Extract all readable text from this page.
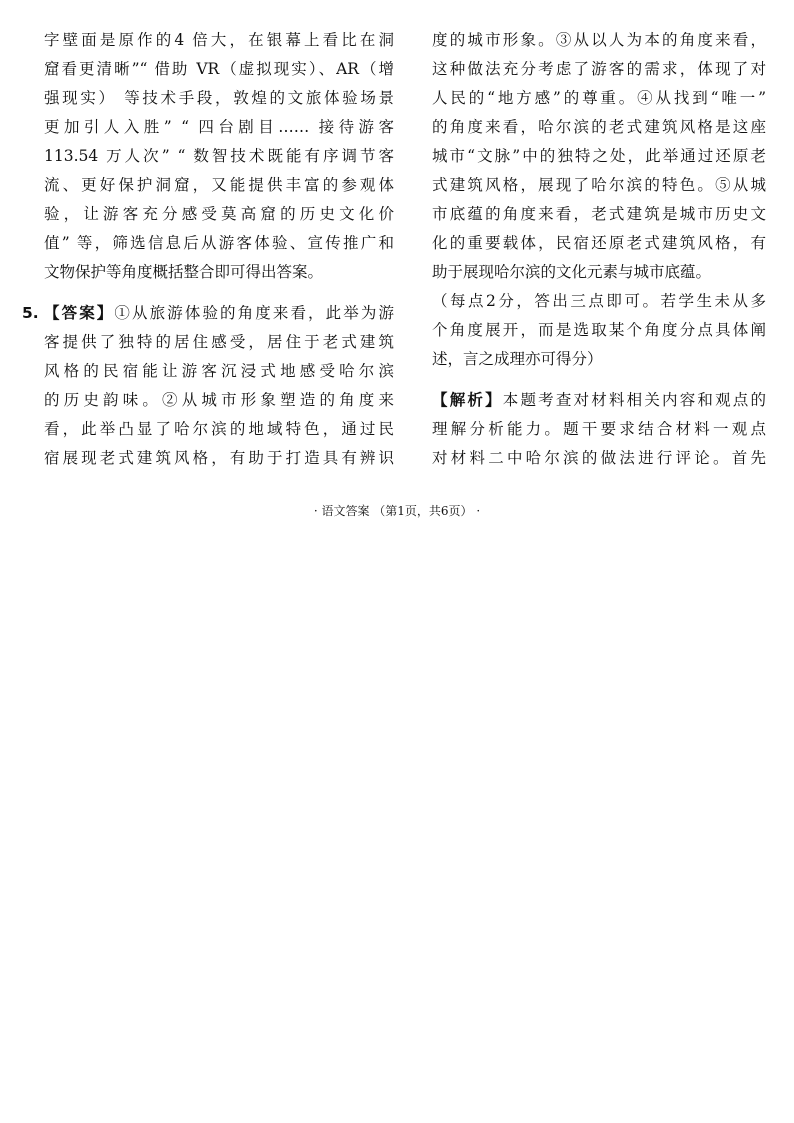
字壁面是原作的4 倍大，在银幕上看比在洞
窟看更清晰”“ 借助 VR（虚拟现实）、AR（增
强现实） 等技术手段，敦煌的文旅体验场景
更加引人入胜” “ 四台剧目…… 接待游客
113.54 万人次” “ 数智技术既能有序调节客
流、更好保护洞窟，又能提供丰富的参观体
验，让游客充分感受莫高窟的历史文化价
值” 等，筛选信息后从游客体验、宣传推广和
文物保护等角度概括整合即可得出答案。
5. 【答案】①从旅游体验的角度来看，此举为游
客提供了独特的居住感受，居住于老式建筑
风格的民宿能让游客沉浸式地感受哈尔滨
的历史韵味。②从城市形象塑造的角度来
看，此举凸显了哈尔滨的地域特色，通过民
宿展现老式建筑风格，有助于打造具有辨识
度的城市形象。③从以人为本的角度来看，
这种做法充分考虑了游客的需求，体现了对
人民的“地方感”的尊重。④从找到“唯一”
的角度来看，哈尔滨的老式建筑风格是这座
城市“文脉”中的独特之处，此举通过还原老
式建筑风格，展现了哈尔滨的特色。⑤从城
市底蕴的角度来看，老式建筑是城市历史文
化的重要载体，民宿还原老式建筑风格，有
助于展现哈尔滨的文化元素与城市底蕴。
（每点2分，答出三点即可。若学生未从多
个角度展开，而是选取某个角度分点具体阐
述，言之成理亦可得分）
【解析】本题考查对材料相关内容和观点的
理解分析能力。题干要求结合材料一观点
对材料二中哈尔滨的做法进行评论。首先
· 语文答案 （第1页，共6页） ·
